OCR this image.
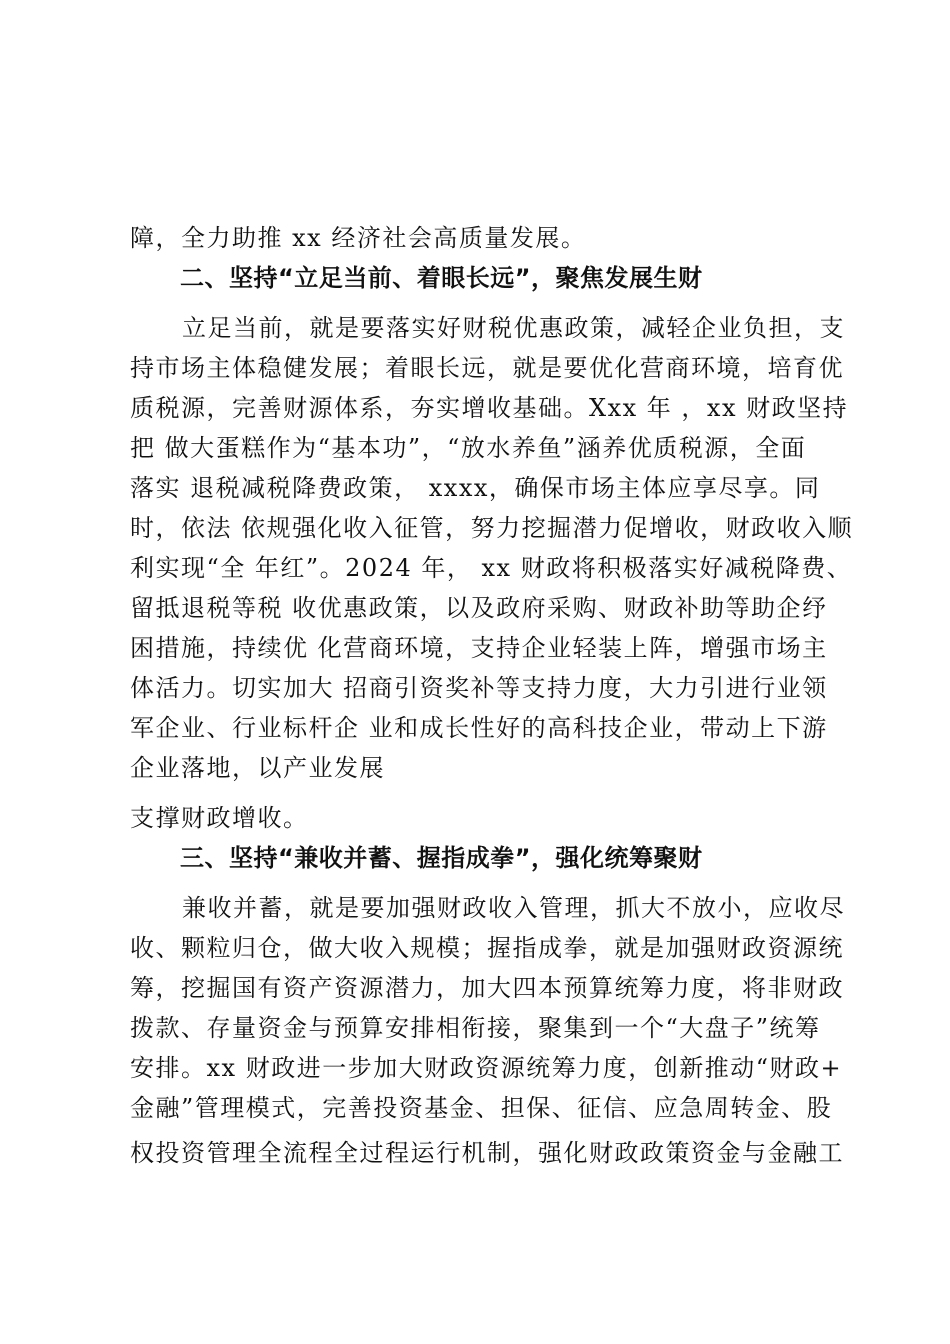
障，全力助推 xx 经济社会高质量发展。
二、坚持“立足当前、着眼长远”，聚焦发展生财
立足当前，就是要落实好财税优惠政策，减轻企业负担，支
持市场主体稳健发展；着眼长远，就是要优化营商环境，培育优
质税源，完善财源体系，夯实增收基础。Xxx 年 ，xx 财政坚持
把 做大蛋糕作为“基本功”，“放水养鱼”涵养优质税源，全面
落实 退税减税降费政策， xxxx，确保市场主体应享尽享。同
时，依法 依规强化收入征管，努力挖掘潜力促增收，财政收入顺
利实现“全 年红”。2024 年， xx 财政将积极落实好减税降费、
留抵退税等税 收优惠政策，以及政府采购、财政补助等助企纾
困措施，持续优 化营商环境，支持企业轻装上阵，增强市场主
体活力。切实加大 招商引资奖补等支持力度，大力引进行业领
军企业、行业标杆企 业和成长性好的高科技企业，带动上下游
企业落地，以产业发展
支撑财政增收。
三、坚持“兼收并蓄、握指成拳”，强化统筹聚财
兼收并蓄，就是要加强财政收入管理，抓大不放小，应收尽
收、颗粒归仓，做大收入规模；握指成拳，就是加强财政资源统
筹，挖掘国有资产资源潜力，加大四本预算统筹力度，将非财政
拨款、存量资金与预算安排相衔接，聚集到一个“大盘子”统筹
安排。xx 财政进一步加大财政资源统筹力度，创新推动“财政+
金融”管理模式，完善投资基金、担保、征信、应急周转金、股
权投资管理全流程全过程运行机制，强化财政政策资金与金融工
